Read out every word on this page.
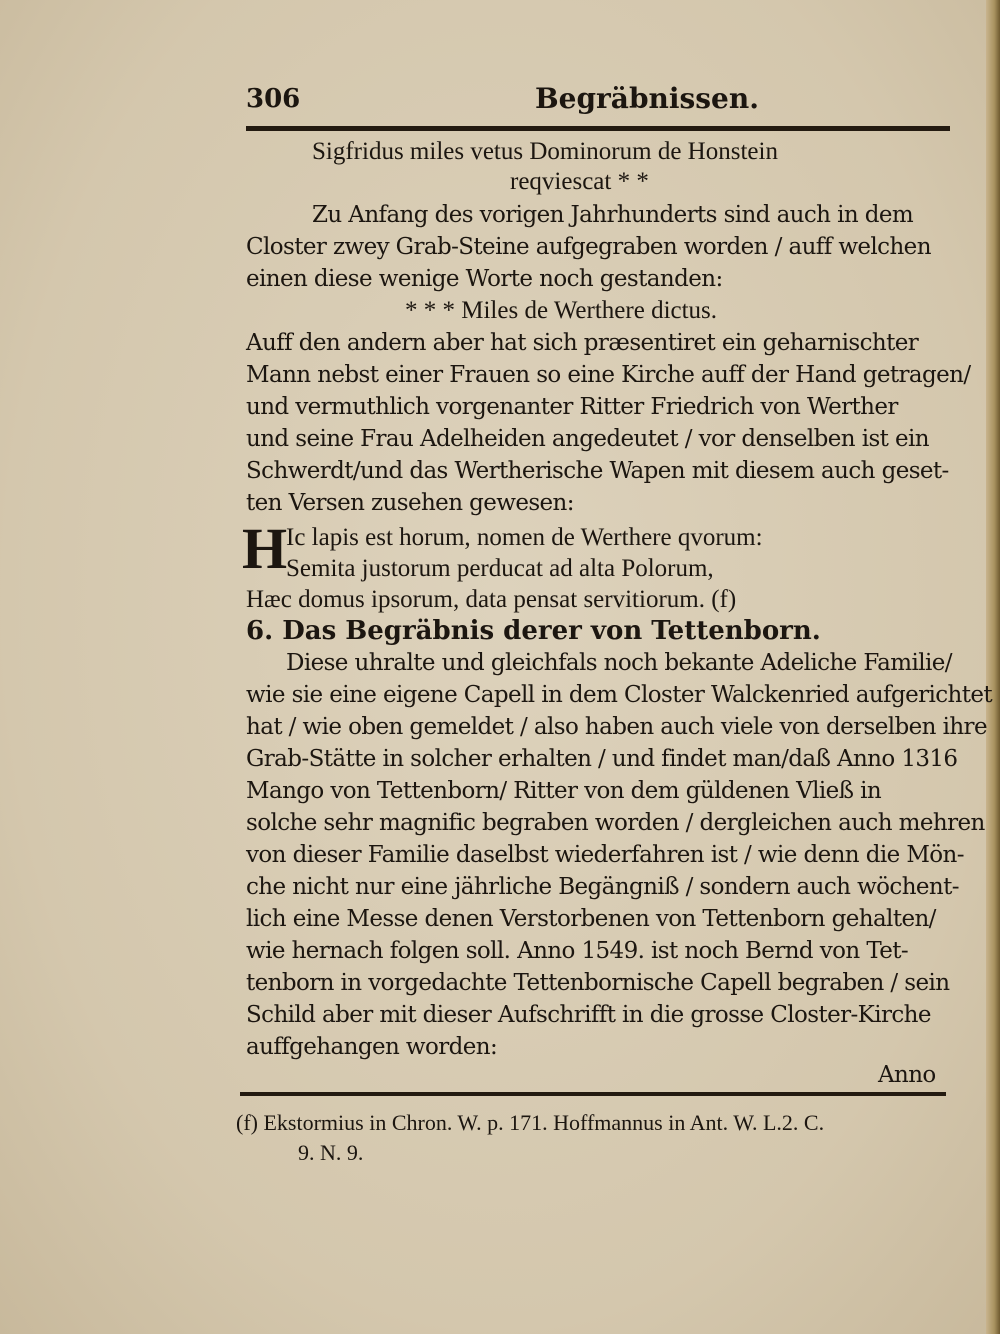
306	Begräbnissen.
Sigfridus miles vetus Dominorum de Honstein
reqviescat * *
Zu Anfang des vorigen Jahrhunderts sind auch in dem
Closter zwey Grab-Steine aufgegraben worden / auff welchen
einen diese wenige Worte noch gestanden:
* * * Miles de Werthere dictus.
Auff den andern aber hat sich præsentiret ein geharnischter
Mann nebst einer Frauen so eine Kirche auff der Hand getragen/
und vermuthlich vorgenanter Ritter Friedrich von Werther
und seine Frau Adelheiden angedeutet / vor denselben ist ein
Schwerdt/und das Wertherische Wapen mit diesem auch geset-
ten Versen zusehen gewesen:
H
Ic lapis est horum, nomen de Werthere qvorum:
Semita justorum perducat ad alta Polorum,
Hæc domus ipsorum, data pensat servitiorum. (f)
6. Das Begräbnis derer von Tettenborn.
Diese uhralte und gleichfals noch bekante Adeliche Familie/
wie sie eine eigene Capell in dem Closter Walckenried aufgerichtet
hat / wie oben gemeldet / also haben auch viele von derselben ihre
Grab-Stätte in solcher erhalten / und findet man/daß Anno 1316
Mango von Tettenborn/ Ritter von dem güldenen Vließ in
solche sehr magnific begraben worden / dergleichen auch mehren
von dieser Familie daselbst wiederfahren ist / wie denn die Mön-
che nicht nur eine jährliche Begängniß / sondern auch wöchent-
lich eine Messe denen Verstorbenen von Tettenborn gehalten/
wie hernach folgen soll. Anno 1549. ist noch Bernd von Tet-
tenborn in vorgedachte Tettenbornische Capell begraben / sein
Schild aber mit dieser Aufschrifft in die grosse Closter-Kirche
auffgehangen worden:
Anno
(f) Ekstormius in Chron. W. p. 171. Hoffmannus in Ant. W. L.2. C.
9. N. 9.
